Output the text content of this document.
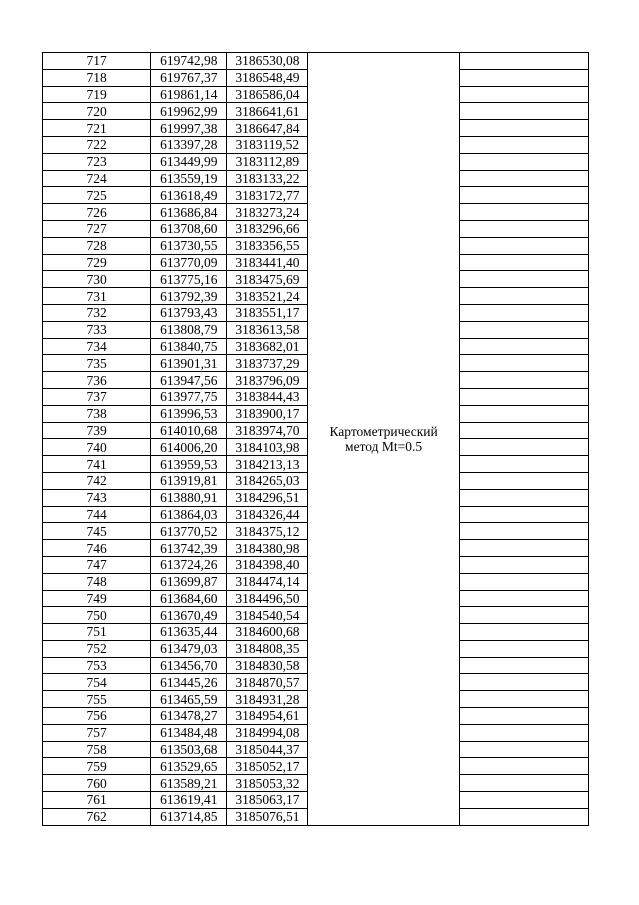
717	619742,98	3186530,08	Картометрический метод Mt=0.5	
718	619767,37	3186548,49		
719	619861,14	3186586,04		
720	619962,99	3186641,61		
721	619997,38	3186647,84		
722	613397,28	3183119,52		
723	613449,99	3183112,89		
724	613559,19	3183133,22		
725	613618,49	3183172,77		
726	613686,84	3183273,24		
727	613708,60	3183296,66		
728	613730,55	3183356,55		
729	613770,09	3183441,40		
730	613775,16	3183475,69		
731	613792,39	3183521,24		
732	613793,43	3183551,17		
733	613808,79	3183613,58		
734	613840,75	3183682,01		
735	613901,31	3183737,29		
736	613947,56	3183796,09		
737	613977,75	3183844,43		
738	613996,53	3183900,17		
739	614010,68	3183974,70		
740	614006,20	3184103,98		
741	613959,53	3184213,13		
742	613919,81	3184265,03		
743	613880,91	3184296,51		
744	613864,03	3184326,44		
745	613770,52	3184375,12		
746	613742,39	3184380,98		
747	613724,26	3184398,40		
748	613699,87	3184474,14		
749	613684,60	3184496,50		
750	613670,49	3184540,54		
751	613635,44	3184600,68		
752	613479,03	3184808,35		
753	613456,70	3184830,58		
754	613445,26	3184870,57		
755	613465,59	3184931,28		
756	613478,27	3184954,61		
757	613484,48	3184994,08		
758	613503,68	3185044,37		
759	613529,65	3185052,17		
760	613589,21	3185053,32		
761	613619,41	3185063,17		
762	613714,85	3185076,51		
